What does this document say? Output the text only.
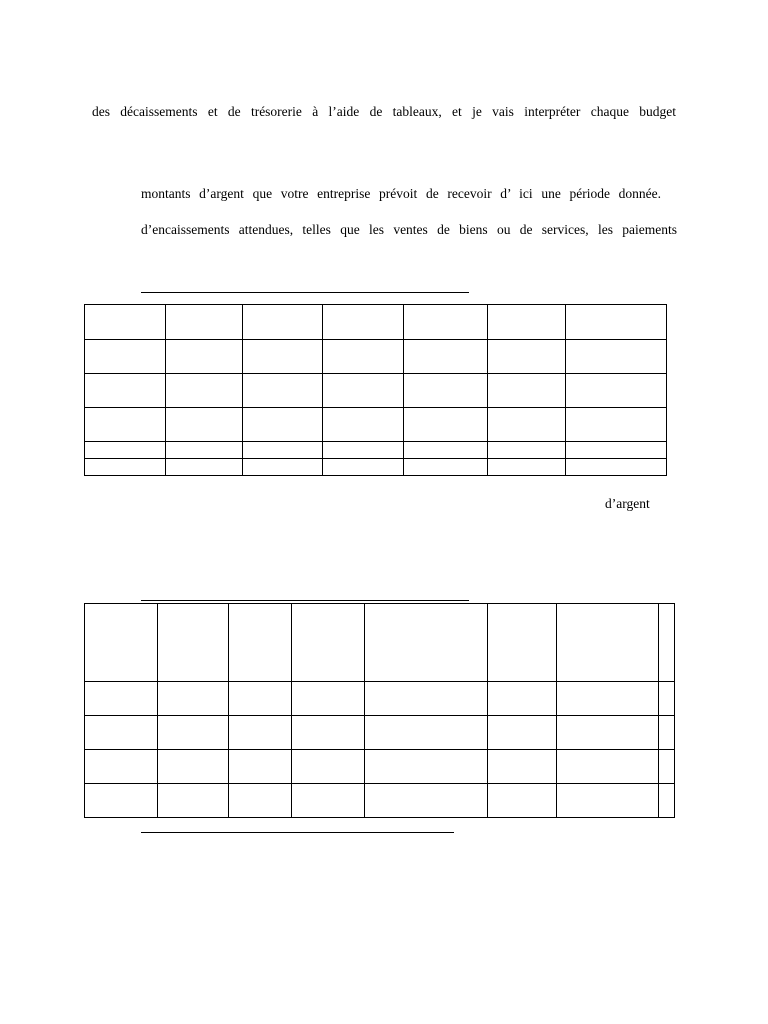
des décaissements et de trésorerie à l’aide de tableaux, et je vais interpréter chaque budget
montants d’argent que votre entreprise prévoit de recevoir d’ ici une période donnée.
d’encaissements attendues, telles que les ventes de biens ou de services, les paiements

d’argent
